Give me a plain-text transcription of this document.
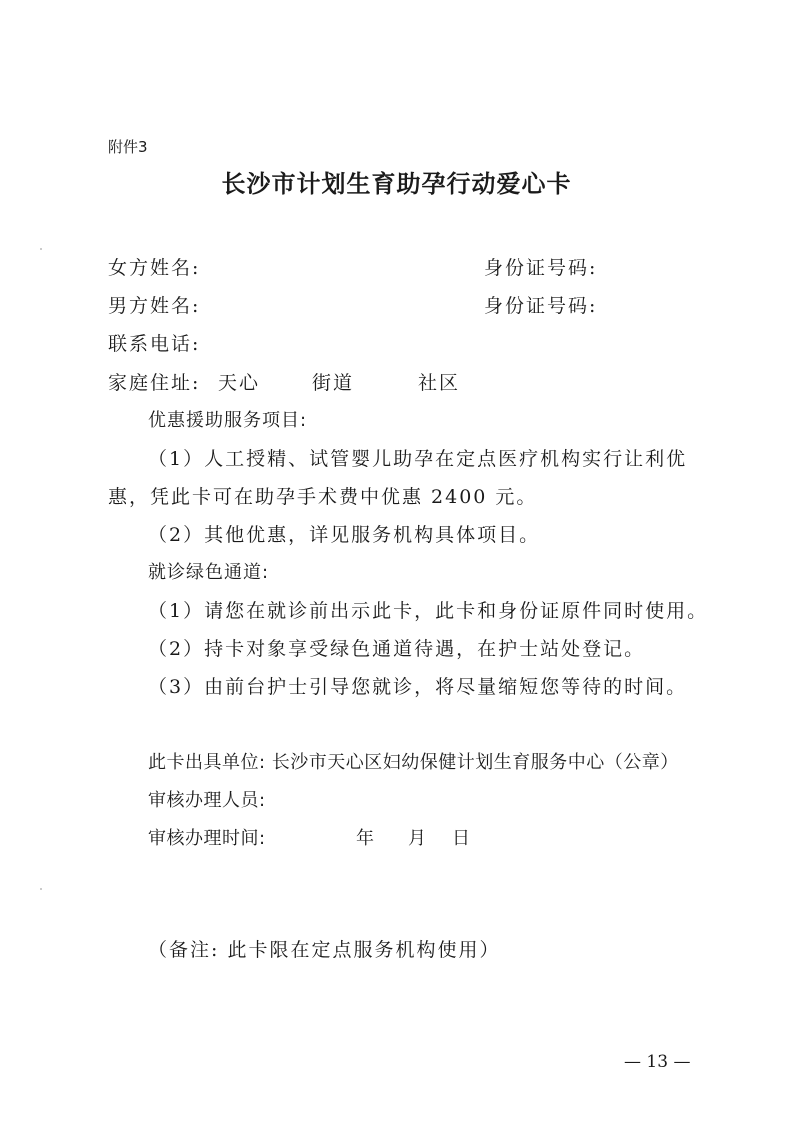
附件3

长沙市计划生育助孕行动爱心卡

女方姓名:	身份证号码:

男方姓名:	身份证号码:

联系电话:

家庭住址: 天心	街道	社区

优惠援助服务项目:

（1）人工授精、试管婴儿助孕在定点医疗机构实行让利优

惠，凭此卡可在助孕手术费中优惠 2400 元。

（2）其他优惠，详见服务机构具体项目。

就诊绿色通道:

（1）请您在就诊前出示此卡，此卡和身份证原件同时使用。

（2）持卡对象享受绿色通道待遇，在护士站处登记。

（3）由前台护士引导您就诊，将尽量缩短您等待的时间。

此卡出具单位: 长沙市天心区妇幼保健计划生育服务中心（公章）

审核办理人员:

审核办理时间:	年 月 日

（备注: 此卡限在定点服务机构使用）

— 13 —
